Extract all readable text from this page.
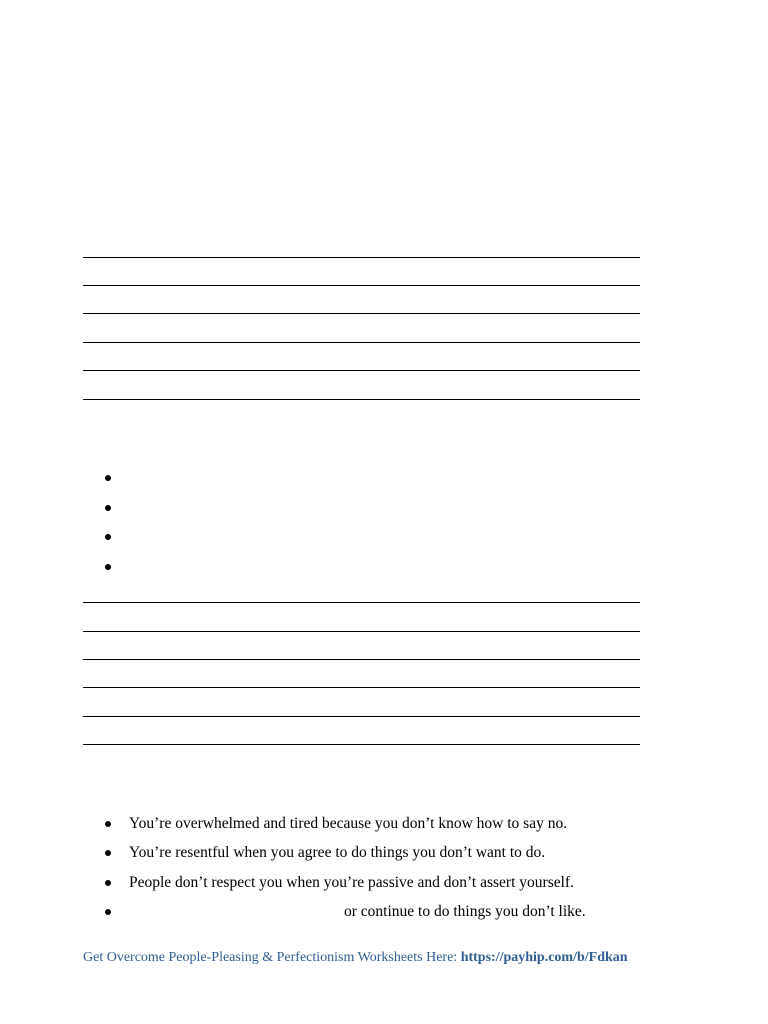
You’re overwhelmed and tired because you don’t know how to say no.
You’re resentful when you agree to do things you don’t want to do.
People don’t respect you when you’re passive and don’t assert yourself.
or continue to do things you don’t like.
Get Overcome People-Pleasing & Perfectionism Worksheets Here: https://payhip.com/b/Fdkan
